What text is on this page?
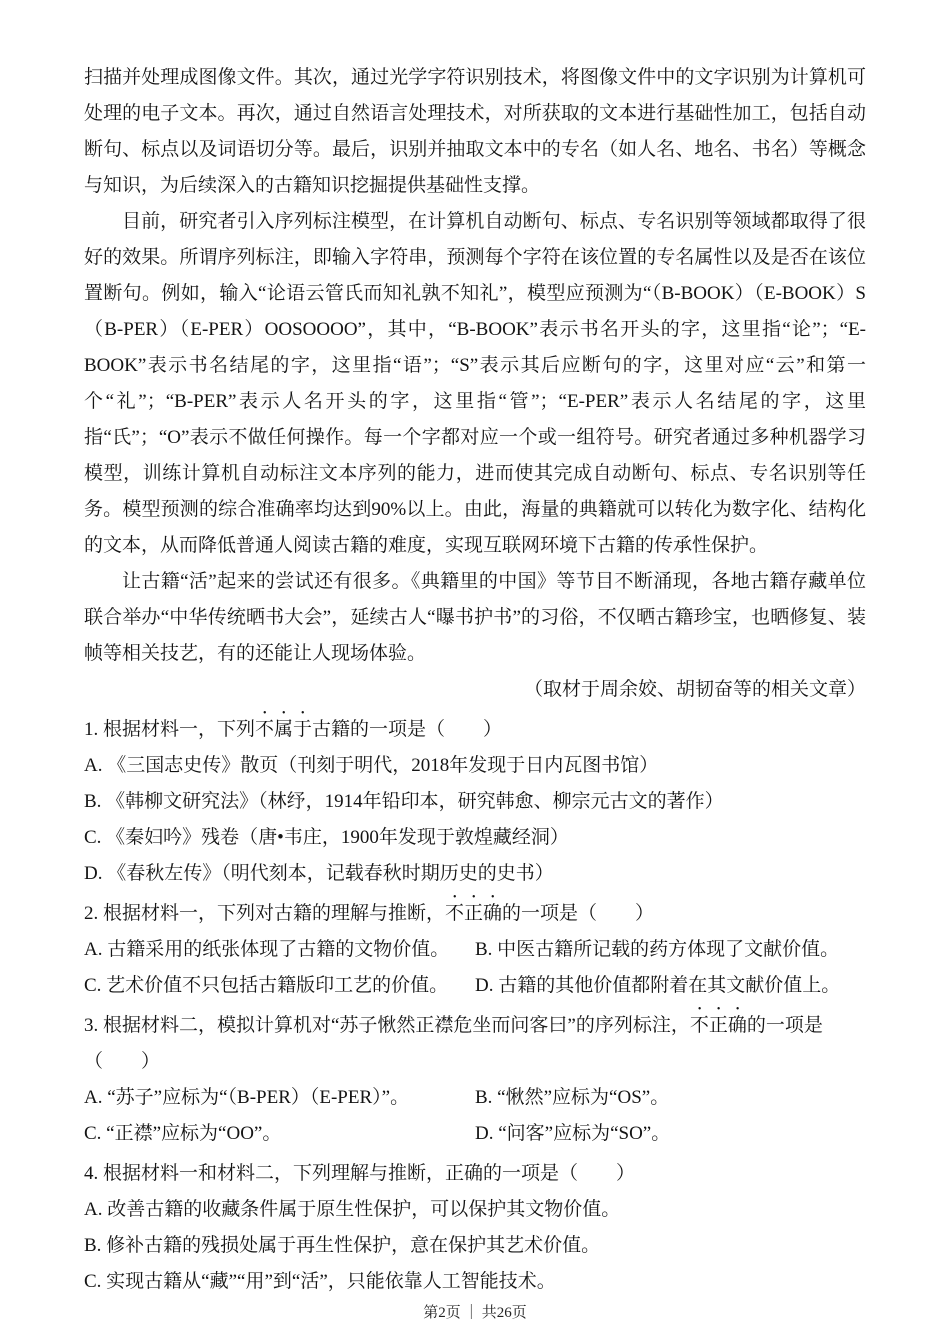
扫描并处理成图像文件。其次，通过光学字符识别技术，将图像文件中的文字识别为计算机可处理的电子文本。再次，通过自然语言处理技术，对所获取的文本进行基础性加工，包括自动断句、标点以及词语切分等。最后，识别并抽取文本中的专名（如人名、地名、书名）等概念与知识，为后续深入的古籍知识挖掘提供基础性支撑。

目前，研究者引入序列标注模型，在计算机自动断句、标点、专名识别等领域都取得了很好的效果。所谓序列标注，即输入字符串，预测每个字符在该位置的专名属性以及是否在该位置断句。例如，输入“论语云管氏而知礼孰不知礼”，模型应预测为“（B-BOOK）（E-BOOK）S（B-PER）（E-PER）OOSOOOO”，其中，“B-BOOK”表示书名开头的字，这里指“论”；“E-BOOK”表示书名结尾的字，这里指“语”；“S”表示其后应断句的字，这里对应“云”和第一个“礼”；“B-PER”表示人名开头的字，这里指“管”；“E-PER”表示人名结尾的字，这里指“氏”；“O”表示不做任何操作。每一个字都对应一个或一组符号。研究者通过多种机器学习模型，训练计算机自动标注文本序列的能力，进而使其完成自动断句、标点、专名识别等任务。模型预测的综合准确率均达到90%以上。由此，海量的典籍就可以转化为数字化、结构化的文本，从而降低普通人阅读古籍的难度，实现互联网环境下古籍的传承性保护。

让古籍“活”起来的尝试还有很多。《典籍里的中国》等节目不断涌现，各地古籍存藏单位联合举办“中华传统晒书大会”，延续古人“曝书护书”的习俗，不仅晒古籍珍宝，也晒修复、装帧等相关技艺，有的还能让人现场体验。

（取材于周余姣、胡韧奋等的相关文章）

1. 根据材料一，下列不属于古籍的一项是（　　）

A. 《三国志史传》散页（刊刻于明代，2018年发现于日内瓦图书馆）

B. 《韩柳文研究法》（林纾，1914年铅印本，研究韩愈、柳宗元古文的著作）

C. 《秦妇吟》残卷（唐•韦庄，1900年发现于敦煌藏经洞）

D. 《春秋左传》（明代刻本，记载春秋时期历史的史书）

2. 根据材料一，下列对古籍的理解与推断，不正确的一项是（　　）

A. 古籍采用的纸张体现了古籍的文物价值。	B. 中医古籍所记载的药方体现了文献价值。

C. 艺术价值不只包括古籍版印工艺的价值。	D. 古籍的其他价值都附着在其文献价值上。

3. 根据材料二，模拟计算机对“苏子愀然正襟危坐而问客曰”的序列标注，不正确的一项是（　　）

A. “苏子”应标为“（B-PER）（E-PER）”。	B. “愀然”应标为“OS”。

C. “正襟”应标为“OO”。	D. “问客”应标为“SO”。

4. 根据材料一和材料二，下列理解与推断，正确的一项是（　　）

A. 改善古籍的收藏条件属于原生性保护，可以保护其文物价值。

B. 修补古籍的残损处属于再生性保护，意在保护其艺术价值。

C. 实现古籍从“藏”“用”到“活”，只能依靠人工智能技术。

第2页 ｜ 共26页
